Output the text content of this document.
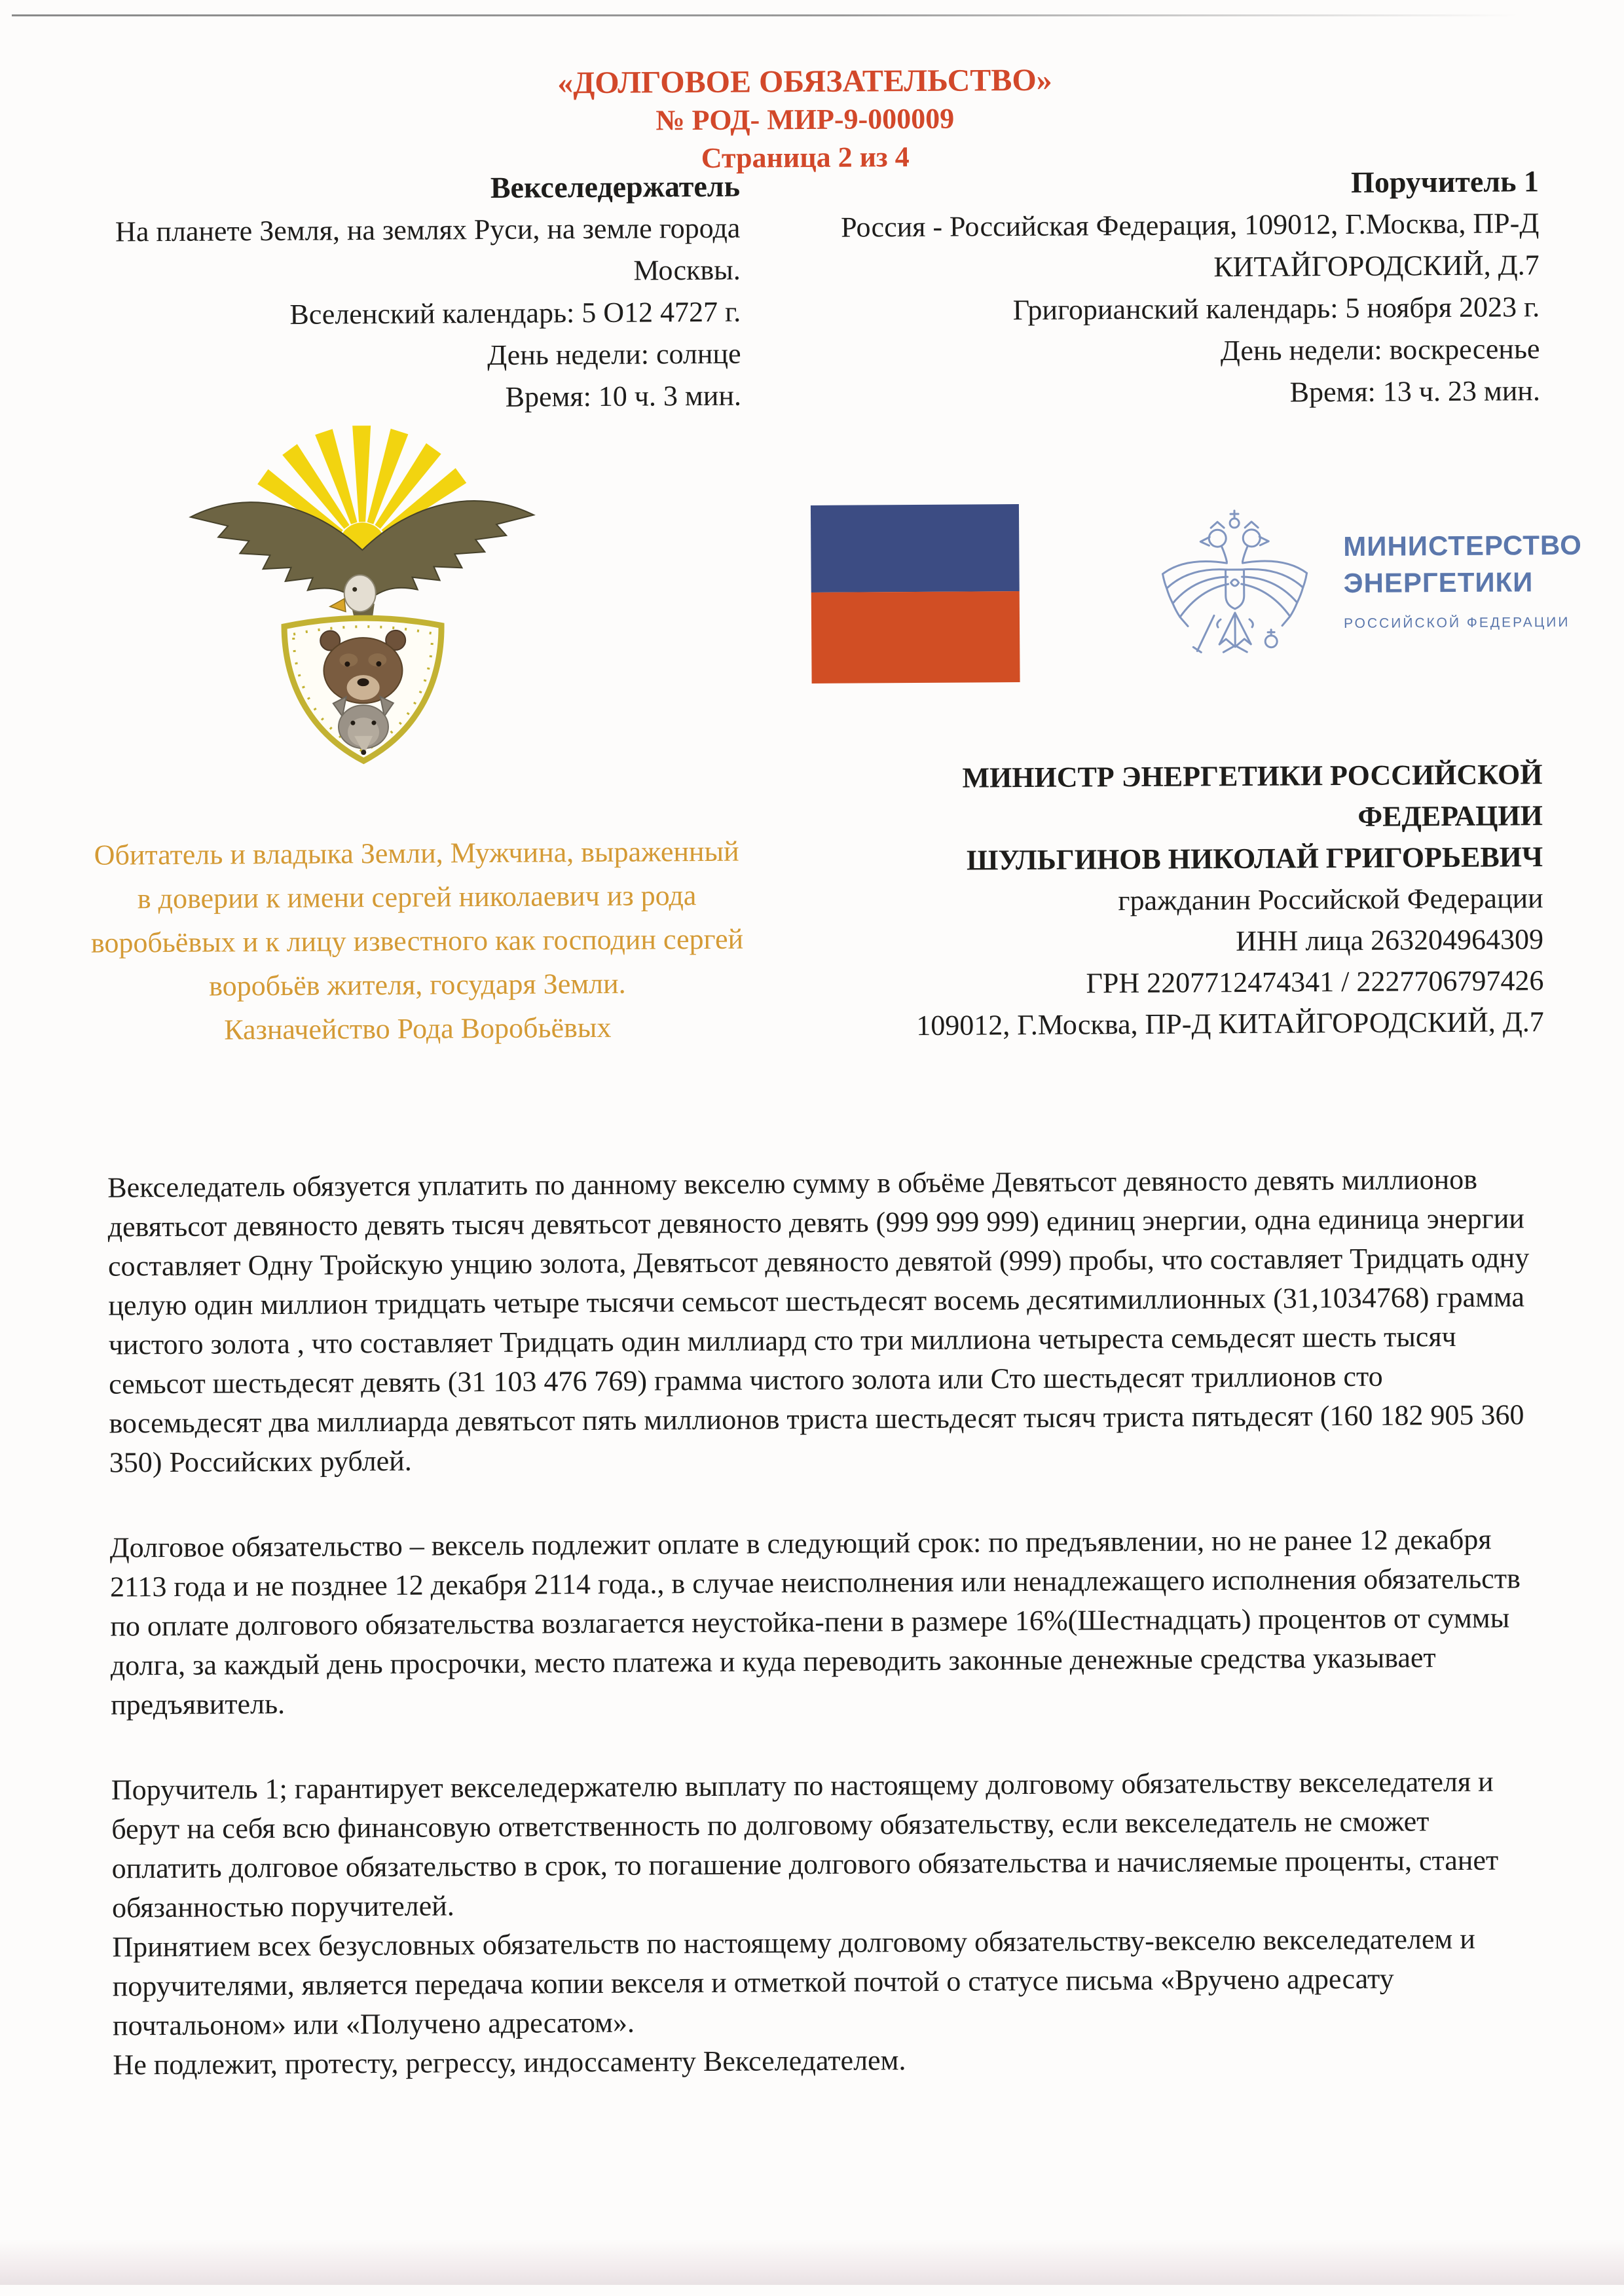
«ДОЛГОВОЕ ОБЯЗАТЕЛЬСТВО»
№ РОД- МИР-9-000009
Страница 2 из 4
Векселедержатель
На планете Земля, на землях Руси, на земле города Москвы.
Вселенский календарь: 5 О12 4727 г.
День недели: солнце
Время: 10 ч. 3 мин.
Поручитель 1
Россия - Российская Федерация, 109012, Г.Москва, ПР-Д КИТАЙГОРОДСКИЙ, Д.7
Григорианский календарь: 5 ноября 2023 г.
День недели: воскресенье
Время: 13 ч. 23 мин.
МИНИСТЕРСТВО
ЭНЕРГЕТИКИ
РОССИЙСКОЙ ФЕДЕРАЦИИ
Обитатель и владыка Земли, Мужчина, выраженный в доверии к имени сергей николаевич из рода воробьёвых и к лицу известного как господин сергей воробьёв жителя, государя Земли.
Казначейство Рода Воробьёвых
МИНИСТР ЭНЕРГЕТИКИ РОССИЙСКОЙ ФЕДЕРАЦИИ
ШУЛЬГИНОВ НИКОЛАЙ ГРИГОРЬЕВИЧ
гражданин Российской Федерации
ИНН лица 263204964309
ГРН 2207712474341 / 2227706797426
109012, Г.Москва, ПР-Д КИТАЙГОРОДСКИЙ, Д.7
Векселедатель обязуется уплатить по данному векселю сумму в объёме Девятьсот девяносто девять миллионов девятьсот девяносто девять тысяч девятьсот девяносто девять (999 999 999) единиц энергии, одна единица энергии составляет Одну Тройскую унцию золота, Девятьсот девяносто девятой (999) пробы, что составляет Тридцать одну целую один миллион тридцать четыре тысячи семьсот шестьдесят восемь десятимиллионных (31,1034768) грамма чистого золота , что составляет Тридцать один миллиард сто три миллиона четыреста семьдесят шесть тысяч семьсот шестьдесят девять (31 103 476 769) грамма чистого золота или Сто шестьдесят триллионов сто восемьдесят два миллиарда девятьсот пять миллионов триста шестьдесят тысяч триста пятьдесят (160 182 905 360 350) Российских рублей.
Долговое обязательство – вексель подлежит оплате в следующий срок: по предъявлении, но не ранее 12 декабря 2113 года и не позднее 12 декабря 2114 года., в случае неисполнения или ненадлежащего исполнения обязательств по оплате долгового обязательства возлагается неустойка-пени в размере 16%(Шестнадцать) процентов от суммы долга, за каждый день просрочки, место платежа и куда переводить законные денежные средства указывает предъявитель.
Поручитель 1; гарантирует векселедержателю выплату по настоящему долговому обязательству векселедателя и берут на себя всю финансовую ответственность по долговому обязательству, если векселедатель не сможет оплатить долговое обязательство в срок, то погашение долгового обязательства и начисляемые проценты, станет обязанностью поручителей.
Принятием всех безусловных обязательств по настоящему долговому обязательству-векселю векселедателем и поручителями, является передача копии векселя и отметкой почтой о статусе письма «Вручено адресату почтальоном» или «Получено адресатом».
Не подлежит, протесту, регрессу, индоссаменту Векселедателем.
